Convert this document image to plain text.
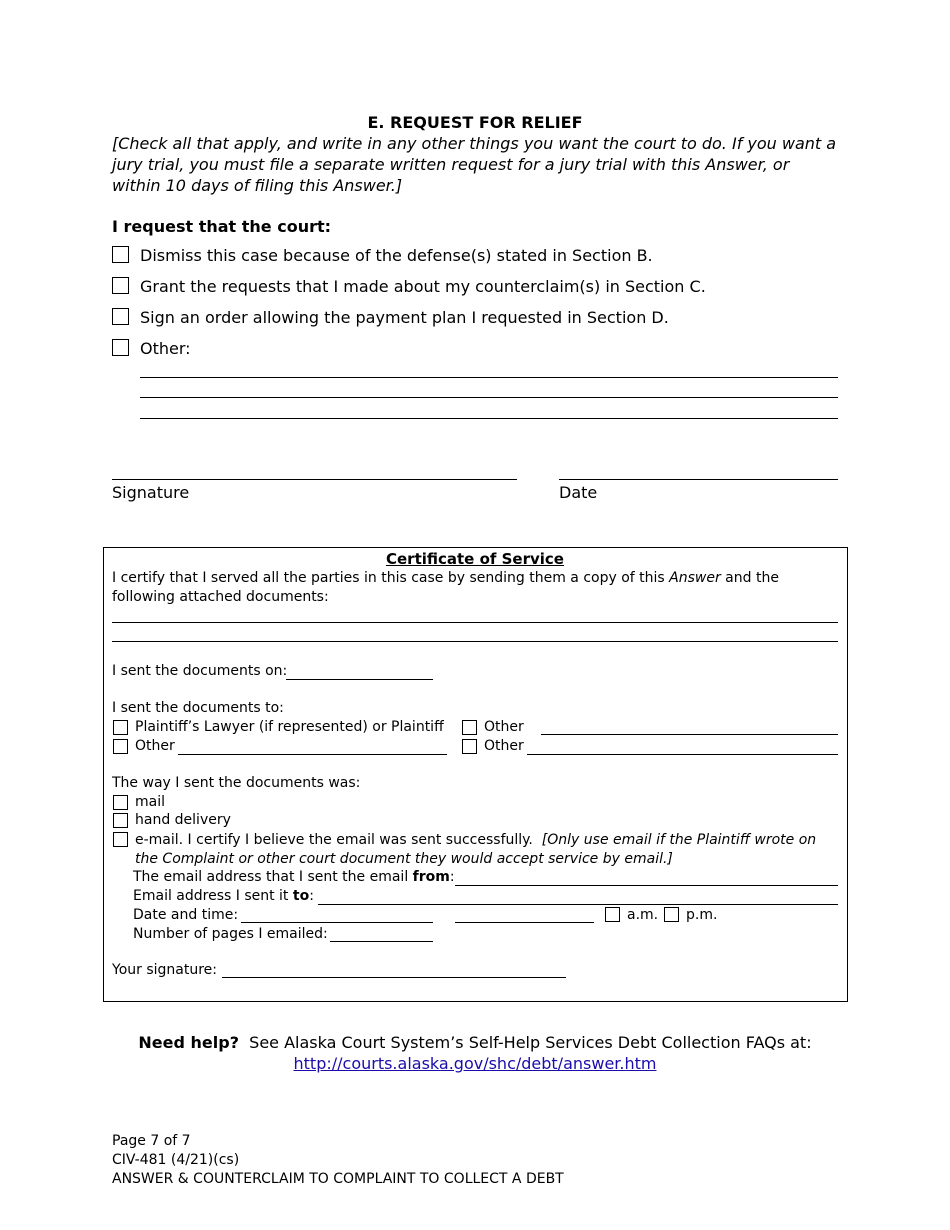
E. REQUEST FOR RELIEF
[Check all that apply, and write in any other things you want the court to do. If you want a jury trial, you must file a separate written request for a jury trial with this Answer, or within 10 days of filing this Answer.]
I request that the court:
Dismiss this case because of the defense(s) stated in Section B.
Grant the requests that I made about my counterclaim(s) in Section C.
Sign an order allowing the payment plan I requested in Section D.
Other:
Signature	Date
Certificate of Service
I certify that I served all the parties in this case by sending them a copy of this Answer and the following attached documents:
I sent the documents on:
I sent the documents to:
Plaintiff’s Lawyer (if represented) or Plaintiff	Other
Other	Other
The way I sent the documents was:
mail
hand delivery
e-mail. I certify I believe the email was sent successfully. [Only use email if the Plaintiff wrote on the Complaint or other court document they would accept service by email.]
The email address that I sent the email from:
Email address I sent it to:
Date and time:	a.m. p.m.
Number of pages I emailed:
Your signature:
Need help?  See Alaska Court System’s Self-Help Services Debt Collection FAQs at:
http://courts.alaska.gov/shc/debt/answer.htm
Page 7 of 7
CIV-481 (4/21)(cs)
ANSWER & COUNTERCLAIM TO COMPLAINT TO COLLECT A DEBT
